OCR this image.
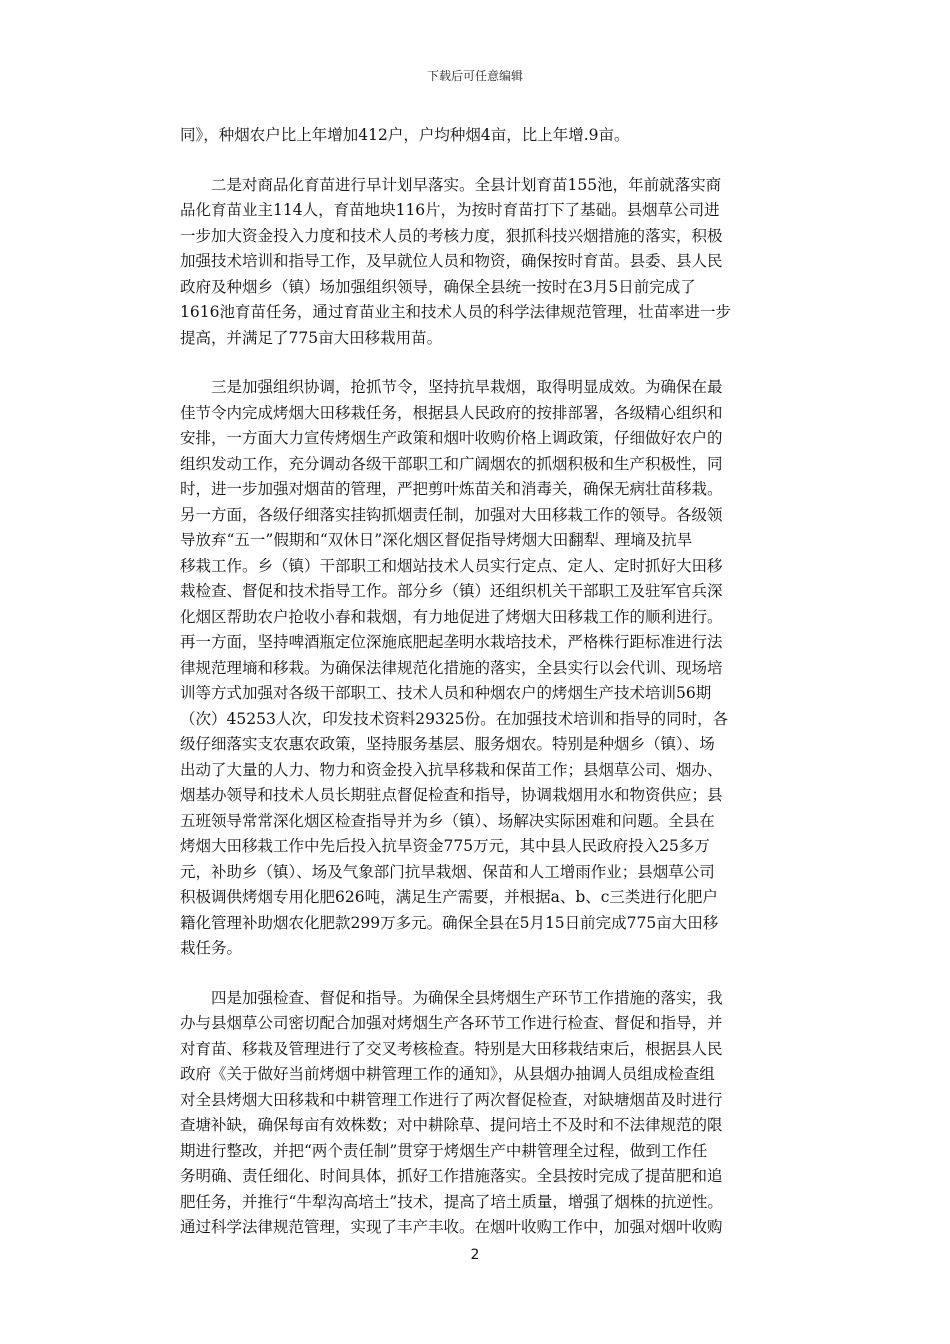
下载后可任意编辑
同》，种烟农户比上年增加412户，户均种烟4亩，比上年增.9亩。
　　二是对商品化育苗进行早计划早落实。全县计划育苗155池，年前就落实商
品化育苗业主114人，育苗地块116片，为按时育苗打下了基础。县烟草公司进
一步加大资金投入力度和技术人员的考核力度，狠抓科技兴烟措施的落实，积极
加强技术培训和指导工作，及早就位人员和物资，确保按时育苗。县委、县人民
政府及种烟乡（镇）场加强组织领导，确保全县统一按时在3月5日前完成了
1616池育苗任务，通过育苗业主和技术人员的科学法律规范管理，壮苗率进一步
提高，并满足了775亩大田移栽用苗。
　　三是加强组织协调，抢抓节令，坚持抗旱栽烟，取得明显成效。为确保在最
佳节令内完成烤烟大田移栽任务，根据县人民政府的按排部署，各级精心组织和
安排，一方面大力宣传烤烟生产政策和烟叶收购价格上调政策，仔细做好农户的
组织发动工作，充分调动各级干部职工和广阔烟农的抓烟积极和生产积极性，同
时，进一步加强对烟苗的管理，严把剪叶炼苗关和消毒关，确保无病壮苗移栽。
另一方面，各级仔细落实挂钩抓烟责任制，加强对大田移栽工作的领导。各级领
导放弃“五一”假期和“双休日”深化烟区督促指导烤烟大田翻犁、理墒及抗旱
移栽工作。乡（镇）干部职工和烟站技术人员实行定点、定人、定时抓好大田移
栽检查、督促和技术指导工作。部分乡（镇）还组织机关干部职工及驻军官兵深
化烟区帮助农户抢收小春和栽烟，有力地促进了烤烟大田移栽工作的顺利进行。
再一方面，坚持啤酒瓶定位深施底肥起垄明水栽培技术，严格株行距标准进行法
律规范理墒和移栽。为确保法律规范化措施的落实，全县实行以会代训、现场培
训等方式加强对各级干部职工、技术人员和种烟农户的烤烟生产技术培训56期
（次）45253人次，印发技术资料29325份。在加强技术培训和指导的同时，各
级仔细落实支农惠农政策，坚持服务基层、服务烟农。特别是种烟乡（镇）、场
出动了大量的人力、物力和资金投入抗旱移栽和保苗工作；县烟草公司、烟办、
烟基办领导和技术人员长期驻点督促检查和指导，协调栽烟用水和物资供应；县
五班领导常常深化烟区检查指导并为乡（镇）、场解决实际困难和问题。全县在
烤烟大田移栽工作中先后投入抗旱资金775万元，其中县人民政府投入25多万
元，补助乡（镇）、场及气象部门抗旱栽烟、保苗和人工增雨作业；县烟草公司
积极调供烤烟专用化肥626吨，满足生产需要，并根据a、b、c三类进行化肥户
籍化管理补助烟农化肥款299万多元。确保全县在5月15日前完成775亩大田移
栽任务。
　　四是加强检查、督促和指导。为确保全县烤烟生产环节工作措施的落实，我
办与县烟草公司密切配合加强对烤烟生产各环节工作进行检查、督促和指导，并
对育苗、移栽及管理进行了交叉考核检查。特别是大田移栽结束后，根据县人民
政府《关于做好当前烤烟中耕管理工作的通知》，从县烟办抽调人员组成检查组
对全县烤烟大田移栽和中耕管理工作进行了两次督促检查，对缺塘烟苗及时进行
查塘补缺，确保每亩有效株数；对中耕除草、提问培土不及时和不法律规范的限
期进行整改，并把“两个责任制”贯穿于烤烟生产中耕管理全过程，做到工作任
务明确、责任细化、时间具体，抓好工作措施落实。全县按时完成了提苗肥和追
肥任务，并推行“牛犁沟高培土”技术，提高了培土质量，增强了烟株的抗逆性。
通过科学法律规范管理，实现了丰产丰收。在烟叶收购工作中，加强对烟叶收购
2
